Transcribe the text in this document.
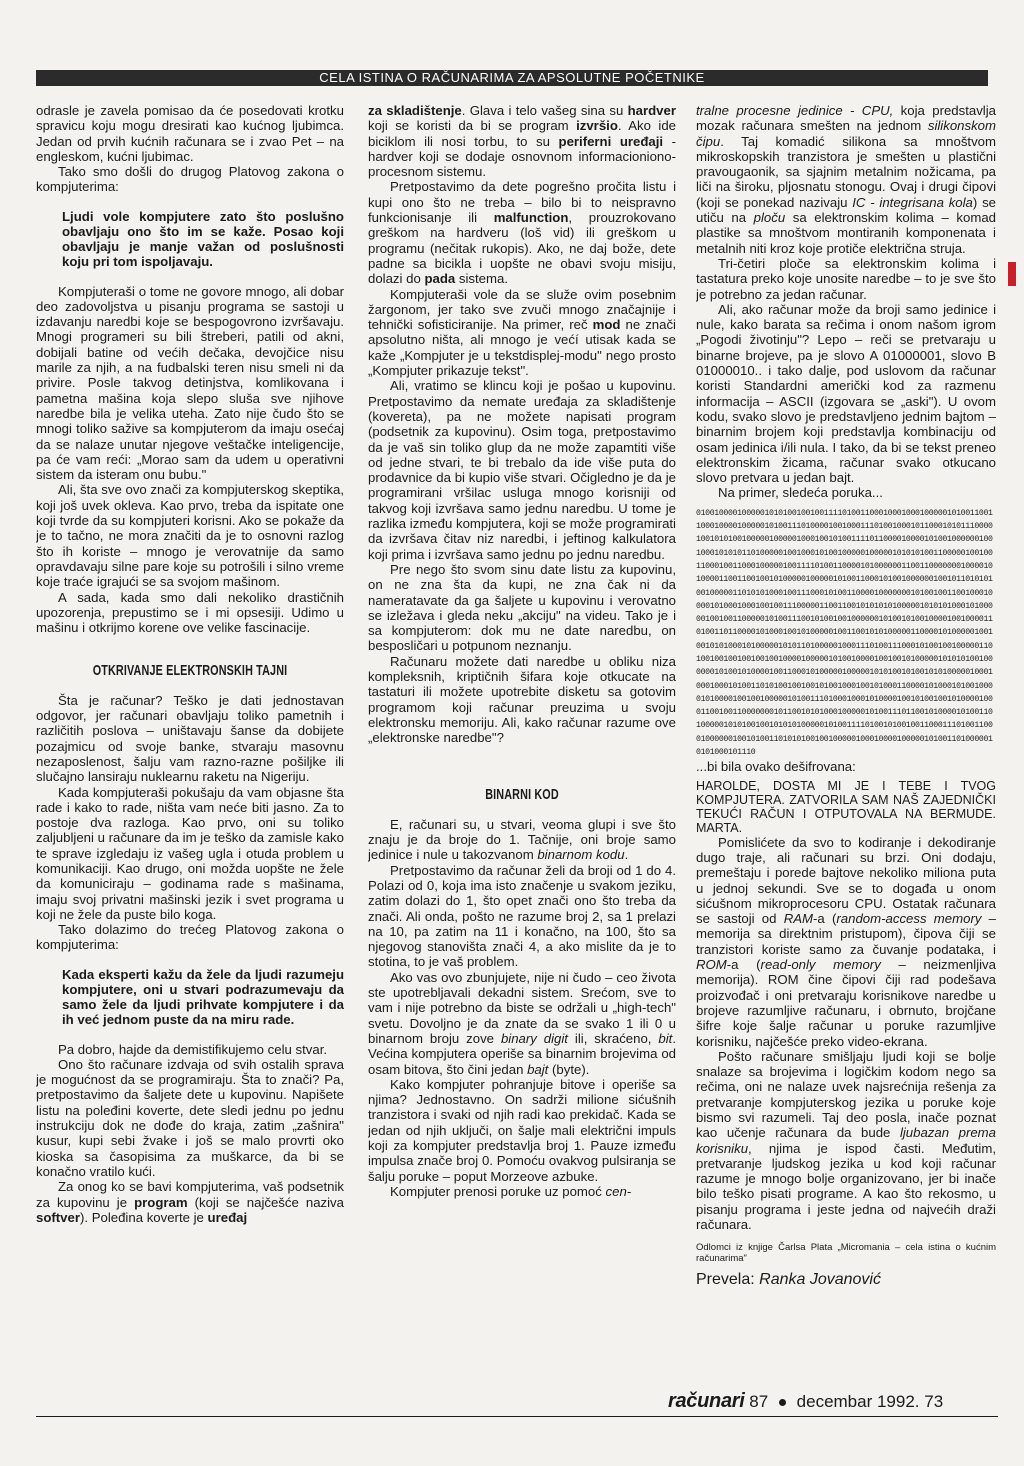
CELA ISTINA O RAČUNARIMA ZA APSOLUTNE POČETNIKE

odrasle je zavela pomisao da će posedovati krotku spravicu koju mogu dresirati kao kućnog ljubimca. Jedan od prvih kućnih računara se i zvao Pet – na engleskom, kućni ljubimac.

Tako smo došli do drugog Platovog zakona o kompjuterima:

Ljudi vole kompjutere zato što poslušno obavljaju ono što im se kaže. Posao koji obavljaju je manje važan od poslušnosti koju pri tom ispoljavaju.

Kompjuteraši o tome ne govore mnogo, ali dobar deo zadovoljstva u pisanju programa se sastoji u izdavanju naredbi koje se bespogovrono izvršavaju. Mnogi programeri su bili štreberi, patili od akni, dobijali batine od većih dečaka, devojčice nisu marile za njih, a na fudbalski teren nisu smeli ni da privire. Posle takvog detinjstva, komlikovana i pametna mašina koja slepo sluša sve njihove naredbe bila je velika uteha. Zato nije čudo što se mnogi toliko sažive sa kompjuterom da imaju osećaj da se nalaze unutar njegove veštačke inteligencije, pa će vam reći: „Morao sam da udem u operativni sistem da isteram onu bubu."

Ali, šta sve ovo znači za kompjuterskog skeptika, koji još uvek okleva. Kao prvo, treba da ispitate one koji tvrde da su kompjuteri korisni. Ako se pokaže da je to tačno, ne mora značiti da je to osnovni razlog što ih koriste – mnogo je verovatnije da samo opravdavaju silne pare koje su potrošili i silno vreme koje traće igrajući se sa svojom mašinom.

A sada, kada smo dali nekoliko drastičnih upozorenja, prepustimo se i mi opsesiji. Udimo u mašinu i otkrijmo korene ove velike fascinacije.

OTKRIVANJE ELEKTRONSKIH TAJNI

Šta je računar? Teško je dati jednostavan odgovor, jer računari obavljaju toliko pametnih i različitih poslova – uništavaju šanse da dobijete pozajmicu od svoje banke, stvaraju masovnu nezaposlenost, šalju vam razno-razne pošiljke ili slučajno lansiraju nuklearnu raketu na Nigeriju.

Kada kompjuteraši pokušaju da vam objasne šta rade i kako to rade, ništa vam neće biti jasno. Za to postoje dva razloga. Kao prvo, oni su toliko zaljubljeni u računare da im je teško da zamisle kako te sprave izgledaju iz vašeg ugla i otuda problem u komunikaciji. Kao drugo, oni možda uopšte ne žele da komuniciraju – godinama rade s mašinama, imaju svoj privatni mašinski jezik i svet programa u koji ne žele da puste bilo koga.

Tako dolazimo do trećeg Platovog zakona o kompjuterima:

Kada eksperti kažu da žele da ljudi razumeju kompjutere, oni u stvari podrazumevaju da samo žele da ljudi prihvate kompjutere i da ih već jednom puste da na miru rade.

Pa dobro, hajde da demistifikujemo celu stvar.

Ono što računare izdvaja od svih ostalih sprava je mogućnost da se programiraju. Šta to znači? Pa, pretpostavimo da šaljete dete u kupovinu. Napišete listu na poleđini koverte, dete sledi jednu po jednu instrukciju dok ne dođe do kraja, zatim „zašnira" kusur, kupi sebi žvake i još se malo provrti oko kioska sa časopisima za muškarce, da bi se konačno vratilo kući.

Za onog ko se bavi kompjuterima, vaš podsetnik za kupovinu je program (koji se najčešće naziva softver). Poleđina koverte je uređaj

za skladištenje. Glava i telo vašeg sina su hardver koji se koristi da bi se program izvršio. Ako ide biciklom ili nosi torbu, to su periferni uređaji - hardver koji se dodaje osnovnom informacioniono-procesnom sistemu.

Pretpostavimo da dete pogrešno pročita listu i kupi ono što ne treba – bilo bi to neispravno funkcionisanje ili malfunction, prouzrokovano greškom na hardveru (loš vid) ili greškom u programu (nečitak rukopis). Ako, ne daj bože, dete padne sa bicikla i uopšte ne obavi svoju misiju, dolazi do pada sistema.

Kompjuteraši vole da se služe ovim posebnim žargonom, jer tako sve zvuči mnogo značajnije i tehnički sofisticiranije. Na primer, reč mod ne znači apsolutno ništa, ali mnogo je većí utisak kada se kaže „Kompjuter je u tekstdisplej-modu" nego prosto „Kompjuter prikazuje tekst".

Ali, vratimo se klincu koji je pošao u kupovinu. Pretpostavimo da nemate uređaja za skladištenje (kovereta), pa ne možete napisati program (podsetnik za kupovinu). Osim toga, pretpostavimo da je vaš sin toliko glup da ne može zapamtiti više od jedne stvari, te bi trebalo da ide više puta do prodavnice da bi kupio više stvari. Očigledno je da je programirani vršilac usluga mnogo korisniji od takvog koji izvršava samo jednu naredbu. U tome je razlika između kompjutera, koji se može programirati da izvršava čitav niz naredbi, i jeftinog kalkulatora koji prima i izvršava samo jednu po jednu naredbu.

Pre nego što svom sinu date listu za kupovinu, on ne zna šta da kupi, ne zna čak ni da nameratavate da ga šaljete u kupovinu i verovatno se izležava i gleda neku „akciju" na videu. Tako je i sa kompjuterom: dok mu ne date naredbu, on besposličari u potpunom neznanju.

Računaru možete dati naredbe u obliku niza kompleksnih, kriptičnih šifara koje otkucate na tastaturi ili možete upotrebite disketu sa gotovim programom koji računar preuzima u svoju elektronsku memoriju. Ali, kako računar razume ove „elektronske naredbe"?

BINARNI KOD

E, računari su, u stvari, veoma glupi i sve što znaju je da broje do 1. Tačnije, oni broje samo jedinice i nule u takozvanom binarnom kodu.

Pretpostavimo da računar želi da broji od 1 do 4. Polazi od 0, koja ima isto značenje u svakom jeziku, zatim dolazi do 1, što opet znači ono što treba da znači. Ali onda, pošto ne razume broj 2, sa 1 prelazi na 10, pa zatim na 11 i konačno, na 100, što sa njegovog stanovišta znači 4, a ako mislite da je to stotina, to je vaš problem.

Ako vas ovo zbunjujete, nije ni čudo – ceo života ste upotrebljavali dekadni sistem. Srećom, sve to vam i nije potrebno da biste se održali u „high-tech" svetu. Dovoljno je da znate da se svako 1 ili 0 u binarnom broju zove binary digit ili, skraćeno, bit. Većina kompjutera operiše sa binarnim brojevima od osam bitova, što čini jedan bajt (byte).

Kako kompjuter pohranjuje bitove i operiše sa njima? Jednostavno. On sadrži milione sićušnih tranzistora i svaki od njih radi kao prekidač. Kada se jedan od njih uključi, on šalje mali električni impuls koji za kompjuter predstavlja broj 1. Pauze između impulsa znače broj 0. Pomoću ovakvog pulsiranja se šalju poruke – poput Morzeove azbuke.

Kompjuter prenosi poruke uz pomoć cen-

tralne procesne jedinice - CPU, koja predstavlja mozak računara smešten na jednom silikonskom čipu. Taj komadić silikona sa mnoštvom mikroskopskih tranzistora je smešten u plastični pravougaonik, sa sjajnim metalnim nožicama, pa liči na široku, pljosnatu stonogu. Ovaj i drugi čipovi (koji se ponekad nazivaju IC - integrisana kola) se utiču na ploču sa elektronskim kolima – komad plastike sa mnoštvom montiranih komponenata i metalnih niti kroz koje protiče električna struja.

Tri-četiri ploče sa elektronskim kolima i tastatura preko koje unosite naredbe – to je sve što je potrebno za jedan računar.

Ali, ako računar može da broji samo jedinice i nule, kako barata sa rečima i onom našom igrom „Pogodi životinju"? Lepo – reči se pretvaraju u binarne brojeve, pa je slovo A 01000001, slovo B 01000010.. i tako dalje, pod uslovom da računar koristi Standardni američki kod za razmenu informacija – ASCII (izgovara se „aski"). U ovom kodu, svako slovo je predstavljeno jednim bajtom – binarnim brojem koji predstavlja kombinaciju od osam jedinica i/ili nula. I tako, da bi se tekst preneo elektronskim žicama, računar svako otkucano slovo pretvara u jedan bajt.

Na primer, sledeća poruka...

0100100001000001010100100100111101001100010001000100000101001100110001000010000010100111010000100100011101001000101100010101110000100101010010000010000010001001010011110110000100001010010000001001000101010110100000100100010100100000100000101010100110000010010011000100110001000001001111010011000010100000011001100000001000010100001100110010010100000100000101001100010100100000010010110101010010000011010101000100111000101001100001000000010100100110010001000010100010001001001110000011001100101010101000001010101000101000001001001100000101001110010100100100000010100101001000010010000110100110110000101000100101000001001100101010000011000010100000100100101010001010000010101101000001000111010011100010100100100000110100100100100100100100001000001010010000100100101000001010101001000000101001010000100110001010000010000010101001010010101000001000100010001010011010100100100101001000100101000110000101000101001000010100001001001000001010011101000100010100001001010010010100001000110010011000000010110010101000100000101001110110010100001010011010000010101001001010101000001010011110100101001001100011101001100010000001001010011010101001001000001000100001000001010011010000010101000101110

...bi bila ovako dešifrovana:

HAROLDE, DOSTA MI JE I TEBE I TVOG KOMPJUTERA. ZATVORILA SAM NAŠ ZAJEDNIČKI TEKUĆI RAČUN I OTPUTOVALA NA BERMUDE. MARTA.

Pomislićete da svo to kodiranje i dekodiranje dugo traje, ali računari su brzi. Oni dodaju, premeštaju i porede bajtove nekoliko miliona puta u jednoj sekundi. Sve se to događa u onom sićušnom mikroprocesoru CPU. Ostatak računara se sastoji od RAM-a (random-access memory – memorija sa direktnim pristupom), čipova čiji se tranzistori koriste samo za čuvanje podataka, i ROM-a (read-only memory – neizmenljiva memorija). ROM čine čipovi čiji rad podešava proizvođač i oni pretvaraju korisnikove naredbe u brojeve razumljive računaru, i obrnuto, brojčane šifre koje šalje računar u poruke razumljive korisniku, najčešće preko video-ekrana.

Pošto računare smišljaju ljudi koji se bolje snalaze sa brojevima i logičkim kodom nego sa rečima, oni ne nalaze uvek najsrećnija rešenja za pretvaranje kompjuterskog jezika u poruke koje bismo svi razumeli. Taj deo posla, inače poznat kao učenje računara da bude ljubazan prema korisniku, njima je ispod časti. Međutim, pretvaranje ljudskog jezika u kod koji računar razume je mnogo bolje organizovano, jer bi inače bilo teško pisati programe. A kao što rekosmo, u pisanju programa i jeste jedna od najvećih draži računara.

Odlomci iz knjige Čarlsa Plata „Micromania – cela istina o kućnim računarima"

Prevela: Ranka Jovanović

računari 87 decembar 1992. 73
